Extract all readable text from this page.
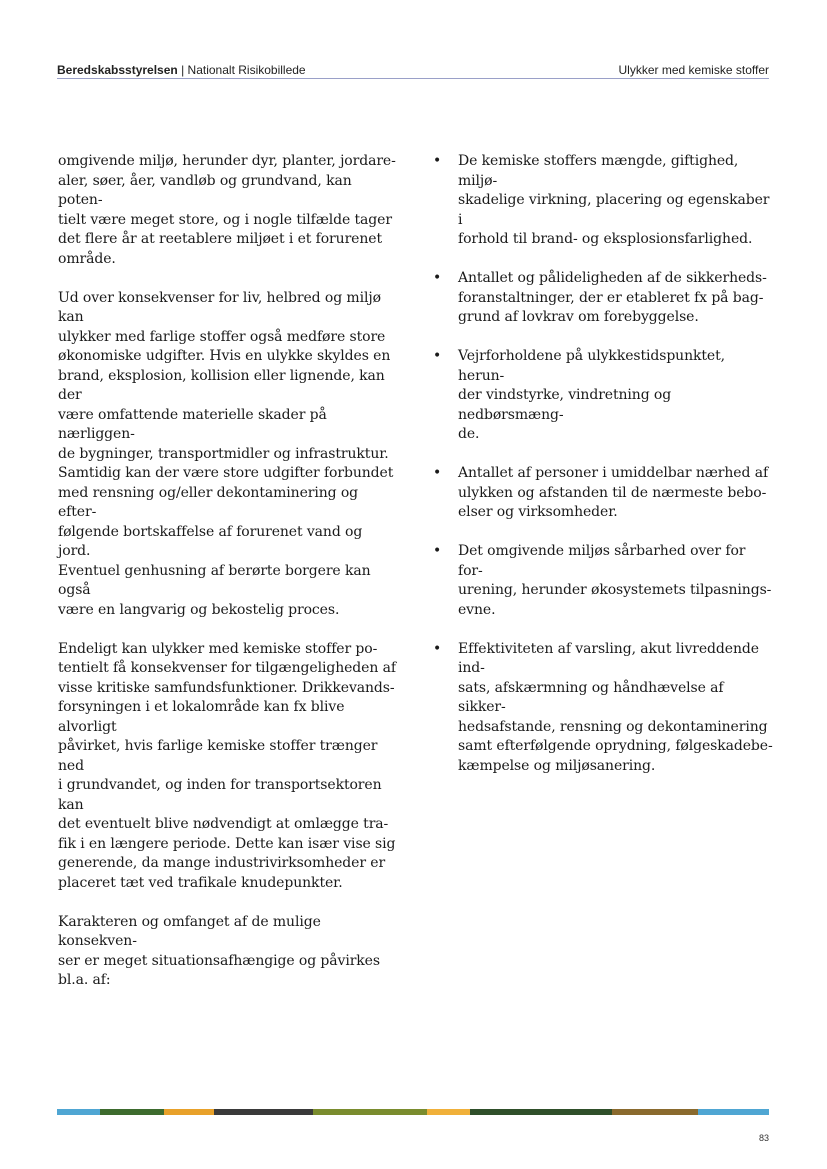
Beredskabsstyrelsen | Nationalt Risikobillede	Ulykker med kemiske stoffer

omgivende miljø, herunder dyr, planter, jordare-
aler, søer, åer, vandløb og grundvand, kan poten-
tielt være meget store, og i nogle tilfælde tager
det flere år at reetablere miljøet i et forurenet
område.

Ud over konsekvenser for liv, helbred og miljø kan
ulykker med farlige stoffer også medføre store
økonomiske udgifter. Hvis en ulykke skyldes en
brand, eksplosion, kollision eller lignende, kan der
være omfattende materielle skader på nærliggen-
de bygninger, transportmidler og infrastruktur.
Samtidig kan der være store udgifter forbundet
med rensning og/eller dekontaminering og efter-
følgende bortskaffelse af forurenet vand og jord.
Eventuel genhusning af berørte borgere kan også
være en langvarig og bekostelig proces.

Endeligt kan ulykker med kemiske stoffer po-
tentielt få konsekvenser for tilgængeligheden af
visse kritiske samfundsfunktioner. Drikkevands-
forsyningen i et lokalområde kan fx blive alvorligt
påvirket, hvis farlige kemiske stoffer trænger ned
i grundvandet, og inden for transportsektoren kan
det eventuelt blive nødvendigt at omlægge tra-
fik i en længere periode. Dette kan især vise sig
generende, da mange industrivirksomheder er
placeret tæt ved trafikale knudepunkter.

Karakteren og omfanget af de mulige konsekven-
ser er meget situationsafhængige og påvirkes
bl.a. af:

• De kemiske stoffers mængde, giftighed, miljø-
skadelige virkning, placering og egenskaber i
forhold til brand- og eksplosionsfarlighed.
• Antallet og pålideligheden af de sikkerheds-
foranstaltninger, der er etableret fx på bag-
grund af lovkrav om forebyggelse.
• Vejrforholdene på ulykkestidspunktet, herun-
der vindstyrke, vindretning og nedbørsmæng-
de.
• Antallet af personer i umiddelbar nærhed af
ulykken og afstanden til de nærmeste bebo-
elser og virksomheder.
• Det omgivende miljøs sårbarhed over for for-
urening, herunder økosystemets tilpasnings-
evne.
• Effektiviteten af varsling, akut livreddende ind-
sats, afskærmning og håndhævelse af sikker-
hedsafstande, rensning og dekontaminering
samt efterfølgende oprydning, følgeskadebe-
kæmpelse og miljøsanering.
83
